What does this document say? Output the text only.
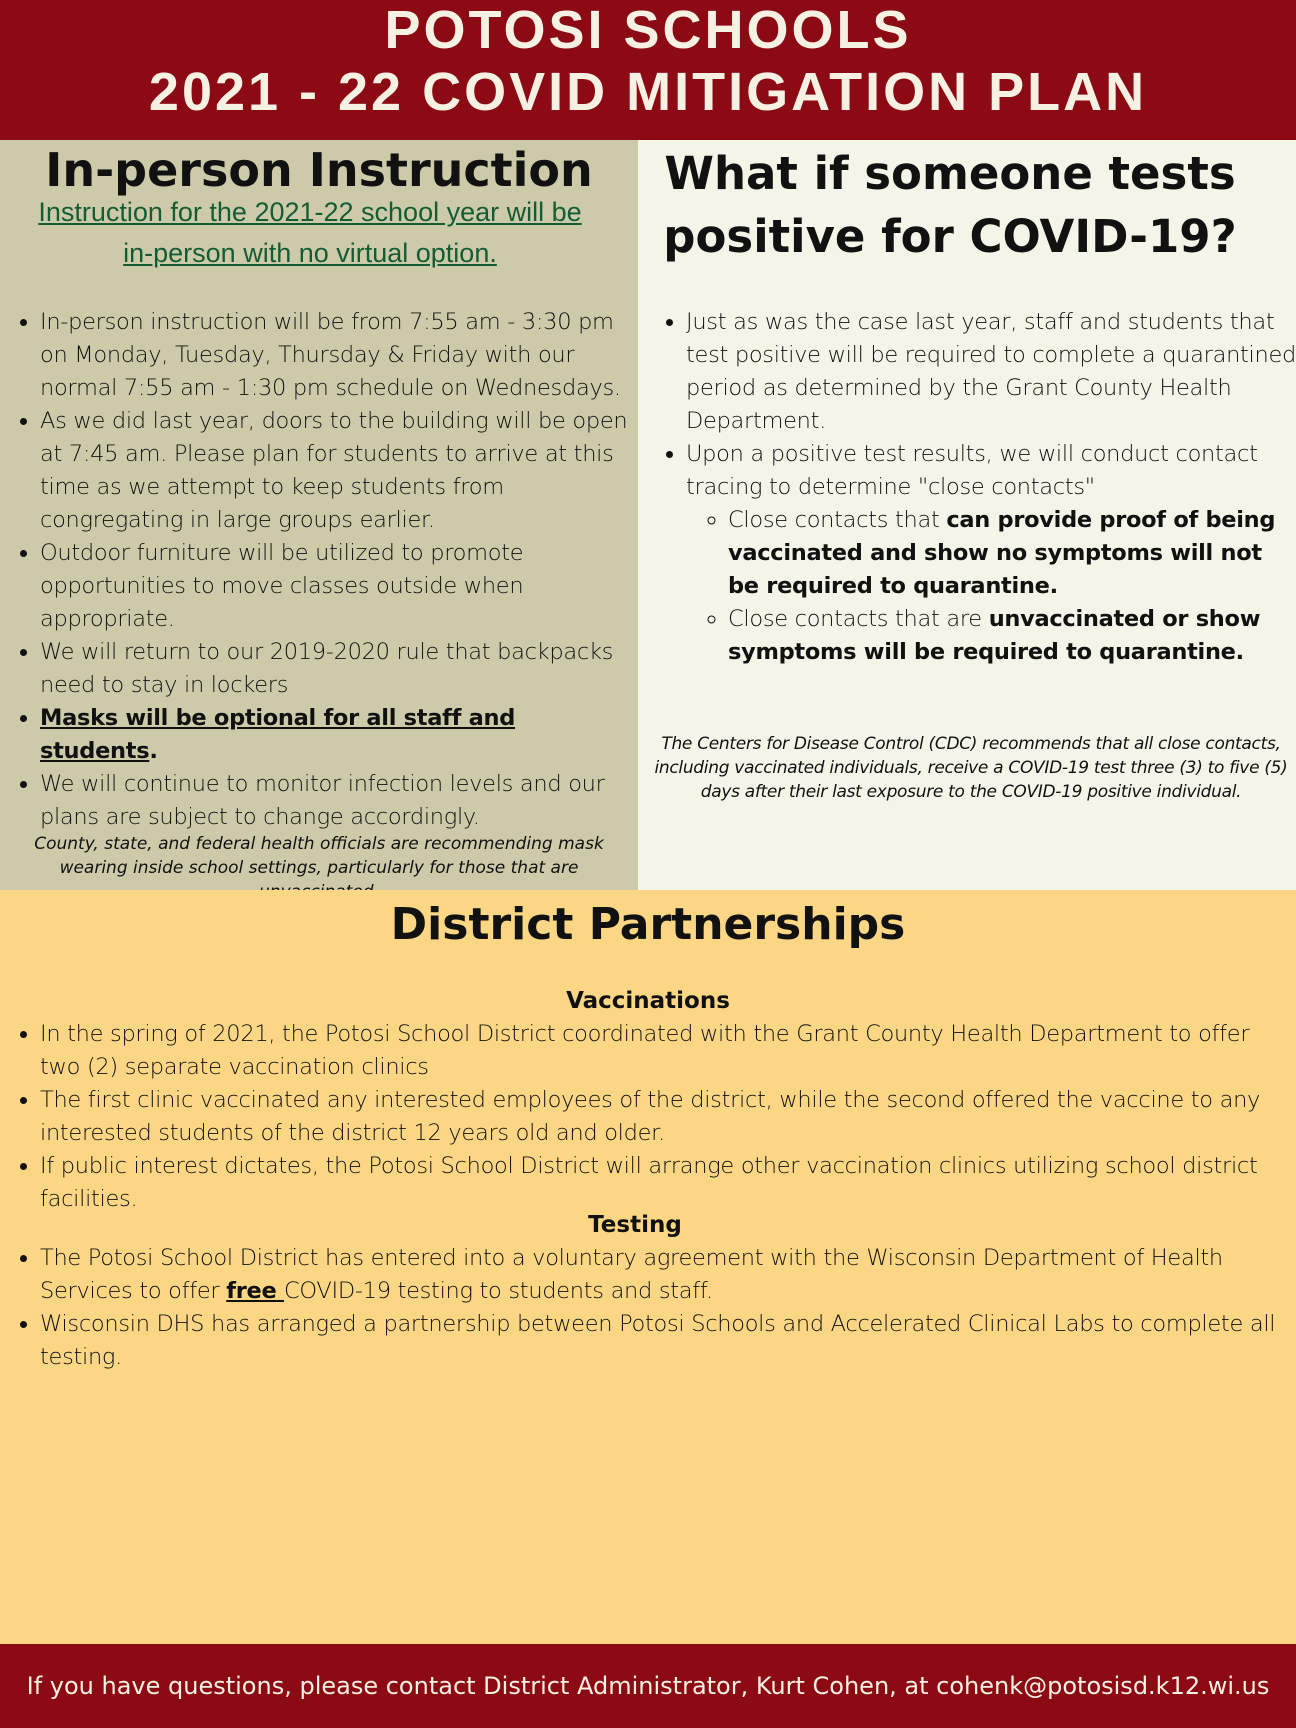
POTOSI SCHOOLS
2021 - 22 COVID MITIGATION PLAN
In-person Instruction
Instruction for the 2021-22 school year will be in-person with no virtual option.
• In-person instruction will be from 7:55 am - 3:30 pm on Monday, Tuesday, Thursday & Friday with our normal 7:55 am - 1:30 pm schedule on Wednesdays.
• As we did last year, doors to the building will be open at 7:45 am. Please plan for students to arrive at this time as we attempt to keep students from congregating in large groups earlier.
• Outdoor furniture will be utilized to promote opportunities to move classes outside when appropriate.
• We will return to our 2019-2020 rule that backpacks need to stay in lockers
• Masks will be optional for all staff and students.
• We will continue to monitor infection levels and our plans are subject to change accordingly.
County, state, and federal health officials are recommending mask wearing inside school settings, particularly for those that are
What if someone tests positive for COVID-19?
• Just as was the case last year, staff and students that test positive will be required to complete a quarantined period as determined by the Grant County Health Department.
• Upon a positive test results, we will conduct contact tracing to determine "close contacts"
◦ Close contacts that can provide proof of being vaccinated and show no symptoms will not be required to quarantine.
◦ Close contacts that are unvaccinated or show symptoms will be required to quarantine.
The Centers for Disease Control (CDC) recommends that all close contacts, including vaccinated individuals, receive a COVID-19 test three (3) to five (5) days after their last exposure to the COVID-19 positive individual.
District Partnerships
Vaccinations
• In the spring of 2021, the Potosi School District coordinated with the Grant County Health Department to offer two (2) separate vaccination clinics
• The first clinic vaccinated any interested employees of the district, while the second offered the vaccine to any interested students of the district 12 years old and older.
• If public interest dictates, the Potosi School District will arrange other vaccination clinics utilizing school district facilities.
Testing
• The Potosi School District has entered into a voluntary agreement with the Wisconsin Department of Health Services to offer free COVID-19 testing to students and staff.
• Wisconsin DHS has arranged a partnership between Potosi Schools and Accelerated Clinical Labs to complete all testing.
If you have questions, please contact District Administrator, Kurt Cohen, at cohenk@potosisd.k12.wi.us
